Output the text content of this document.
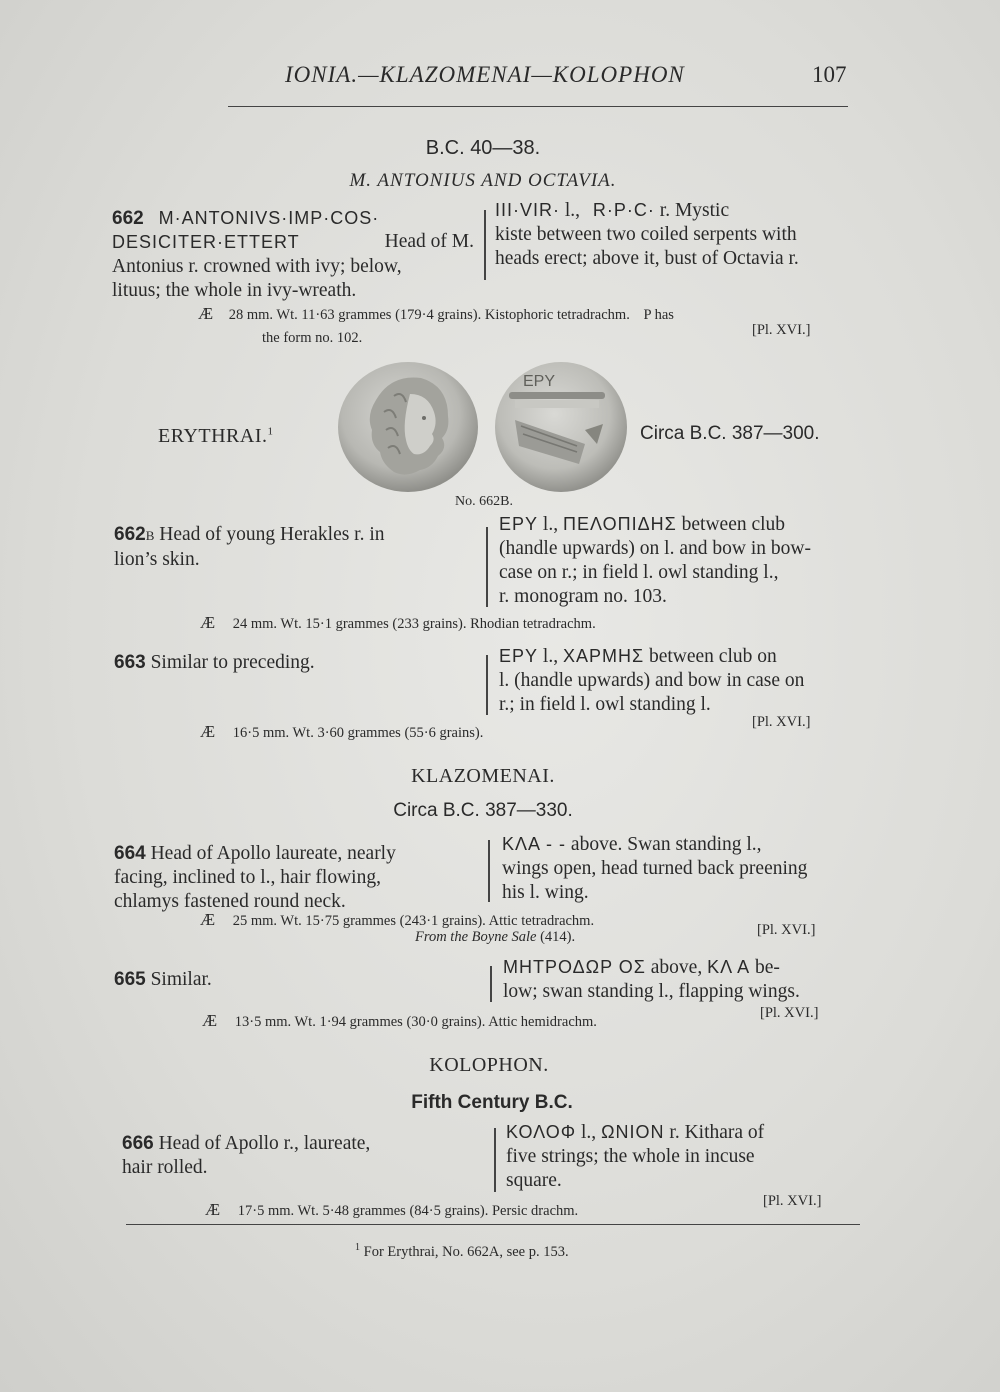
IONIA.—KLAZOMENAI—KOLOPHON	107
B.C. 40—38.
M. ANTONIUS AND OCTAVIA.
662 M·ANTONIVS·IMP·COS·
DESICITER·ETTERT	Head of M.
Antonius r. crowned with ivy; below,
lituus; the whole in ivy-wreath.
III·VIR· l., R·P·C· r. Mystic
kiste between two coiled serpents with
heads erect; above it, bust of Octavia r.
Æ 28 mm. Wt. 11·63 grammes (179·4 grains). Kistophoric tetradrachm. P has
the form no. 102.	[Pl. XVI.]
ERYTHRAI.$^1$	Circa B.C. 387—300.
ΕΡΥ
No. 662B.
662B Head of young Herakles r. in
lion’s skin.
ΕΡΥ l., ΠΕΛΟΠΙΔΗΣ between club
(handle upwards) on l. and bow in bow-
case on r.; in field l. owl standing l.,
r. monogram no. 103.
Æ 24 mm. Wt. 15·1 grammes (233 grains). Rhodian tetradrachm.
663 Similar to preceding.	ΕΡΥ l., ΧΑΡΜΗΣ between club on
l. (handle upwards) and bow in case on
r.; in field l. owl standing l.
Æ 16·5 mm. Wt. 3·60 grammes (55·6 grains).
[Pl. XVI.]
KLAZOMENAI.
Circa B.C. 387—330.
664 Head of Apollo laureate, nearly
facing, inclined to l., hair flowing,
chlamys fastened round neck.
ΚΛΑ - - above. Swan standing l.,
wings open, head turned back preening
his l. wing.
Æ 25 mm. Wt. 15·75 grammes (243·1 grains). Attic tetradrachm.
From the Boyne Sale (414).	[Pl. XVI.]
665 Similar.
ΜΗΤΡΟΔΩΡ ΟΣ above, ΚΛ Α be-
low; swan standing l., flapping wings.
Æ 13·5 mm. Wt. 1·94 grammes (30·0 grains). Attic hemidrachm.
[Pl. XVI.]
KOLOPHON.
Fifth Century B.C.
666 Head of Apollo r., laureate,
hair rolled.
ΚΟΛΟΦ l., ΩΝΙΟΝ r. Kithara of
five strings; the whole in incuse
square.
Æ 17·5 mm. Wt. 5·48 grammes (84·5 grains). Persic drachm.
[Pl. XVI.]
$^1$ For Erythrai, No. 662A, see p. 153.
